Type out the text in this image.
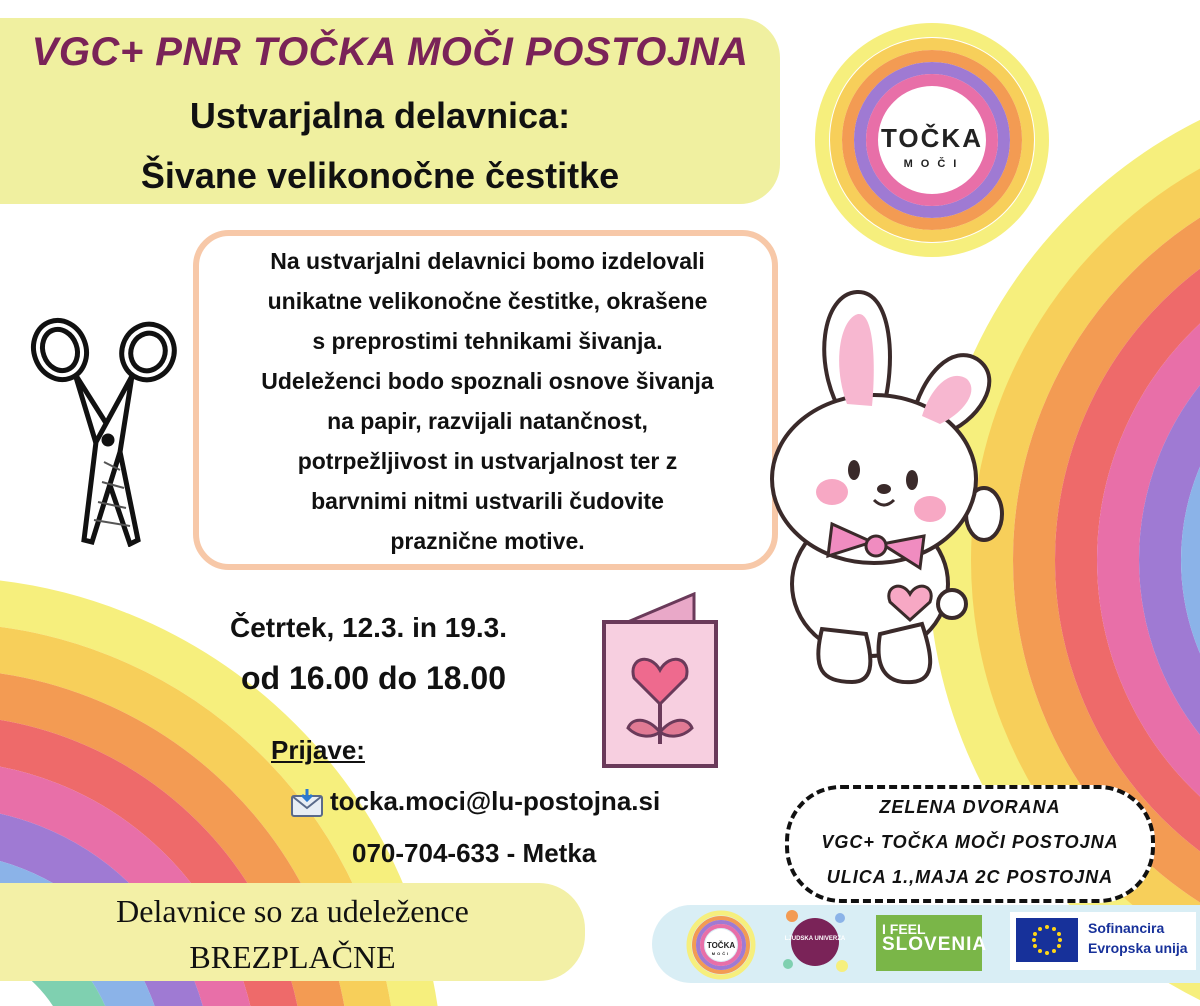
VGC+ PNR TOČKA MOČI POSTOJNA
Ustvarjalna delavnica:
Šivane velikonočne čestitke
TOČKA
MOČI

Na ustvarjalni delavnici bomo izdelovali
unikatne velikonočne čestitke, okrašene
s preprostimi tehnikami šivanja.
Udeleženci bodo spoznali osnove šivanja
na papir, razvijali natančnost,
potrpežljivost in ustvarjalnost ter z
barvnimi nitmi ustvarili čudovite
praznične motive.

Četrtek, 12.3. in 19.3.
od 16.00 do 18.00
Prijave:
tocka.moci@lu-postojna.si
070-704-633 - Metka
ZELENA DVORANA
VGC+ TOČKA MOČI POSTOJNA
ULICA 1.,MAJA 2C POSTOJNA
Delavnice so za udeležence
BREZPLAČNE	TOČKA
MOČI
LJUDSKA UNIVERZA
I FEEL
SLOVENIA
Sofinancira
Evropska unija
